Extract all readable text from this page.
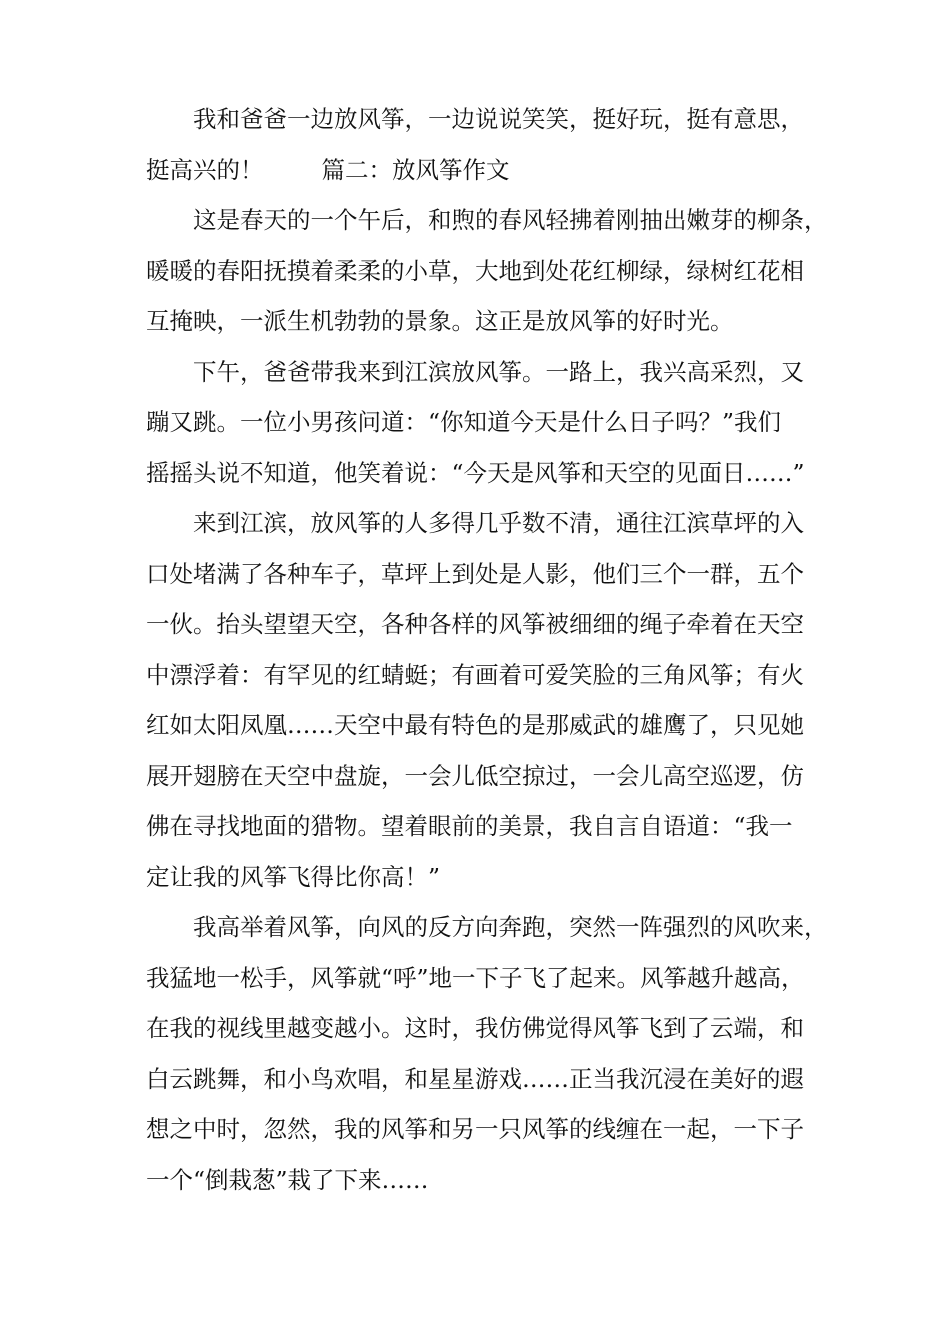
我和爸爸一边放风筝，一边说说笑笑，挺好玩，挺有意思，
挺高兴的！ 篇二：放风筝作文
这是春天的一个午后，和煦的春风轻拂着刚抽出嫩芽的柳条，
暖暖的春阳抚摸着柔柔的小草，大地到处花红柳绿，绿树红花相
互掩映，一派生机勃勃的景象。这正是放风筝的好时光。
下午，爸爸带我来到江滨放风筝。一路上，我兴高采烈，又
蹦又跳。一位小男孩问道：“你知道今天是什么日子吗？”我们
摇摇头说不知道，他笑着说：“今天是风筝和天空的见面日……”
来到江滨，放风筝的人多得几乎数不清，通往江滨草坪的入
口处堵满了各种车子，草坪上到处是人影，他们三个一群，五个
一伙。抬头望望天空，各种各样的风筝被细细的绳子牵着在天空
中漂浮着：有罕见的红蜻蜓；有画着可爱笑脸的三角风筝；有火
红如太阳凤凰……天空中最有特色的是那威武的雄鹰了，只见她
展开翅膀在天空中盘旋，一会儿低空掠过，一会儿高空巡逻，仿
佛在寻找地面的猎物。望着眼前的美景，我自言自语道：“我一
定让我的风筝飞得比你高！”
我高举着风筝，向风的反方向奔跑，突然一阵强烈的风吹来，
我猛地一松手，风筝就“呼”地一下子飞了起来。风筝越升越高，
在我的视线里越变越小。这时，我仿佛觉得风筝飞到了云端，和
白云跳舞，和小鸟欢唱，和星星游戏……正当我沉浸在美好的遐
想之中时，忽然，我的风筝和另一只风筝的线缠在一起，一下子
一个“倒栽葱”栽了下来……
